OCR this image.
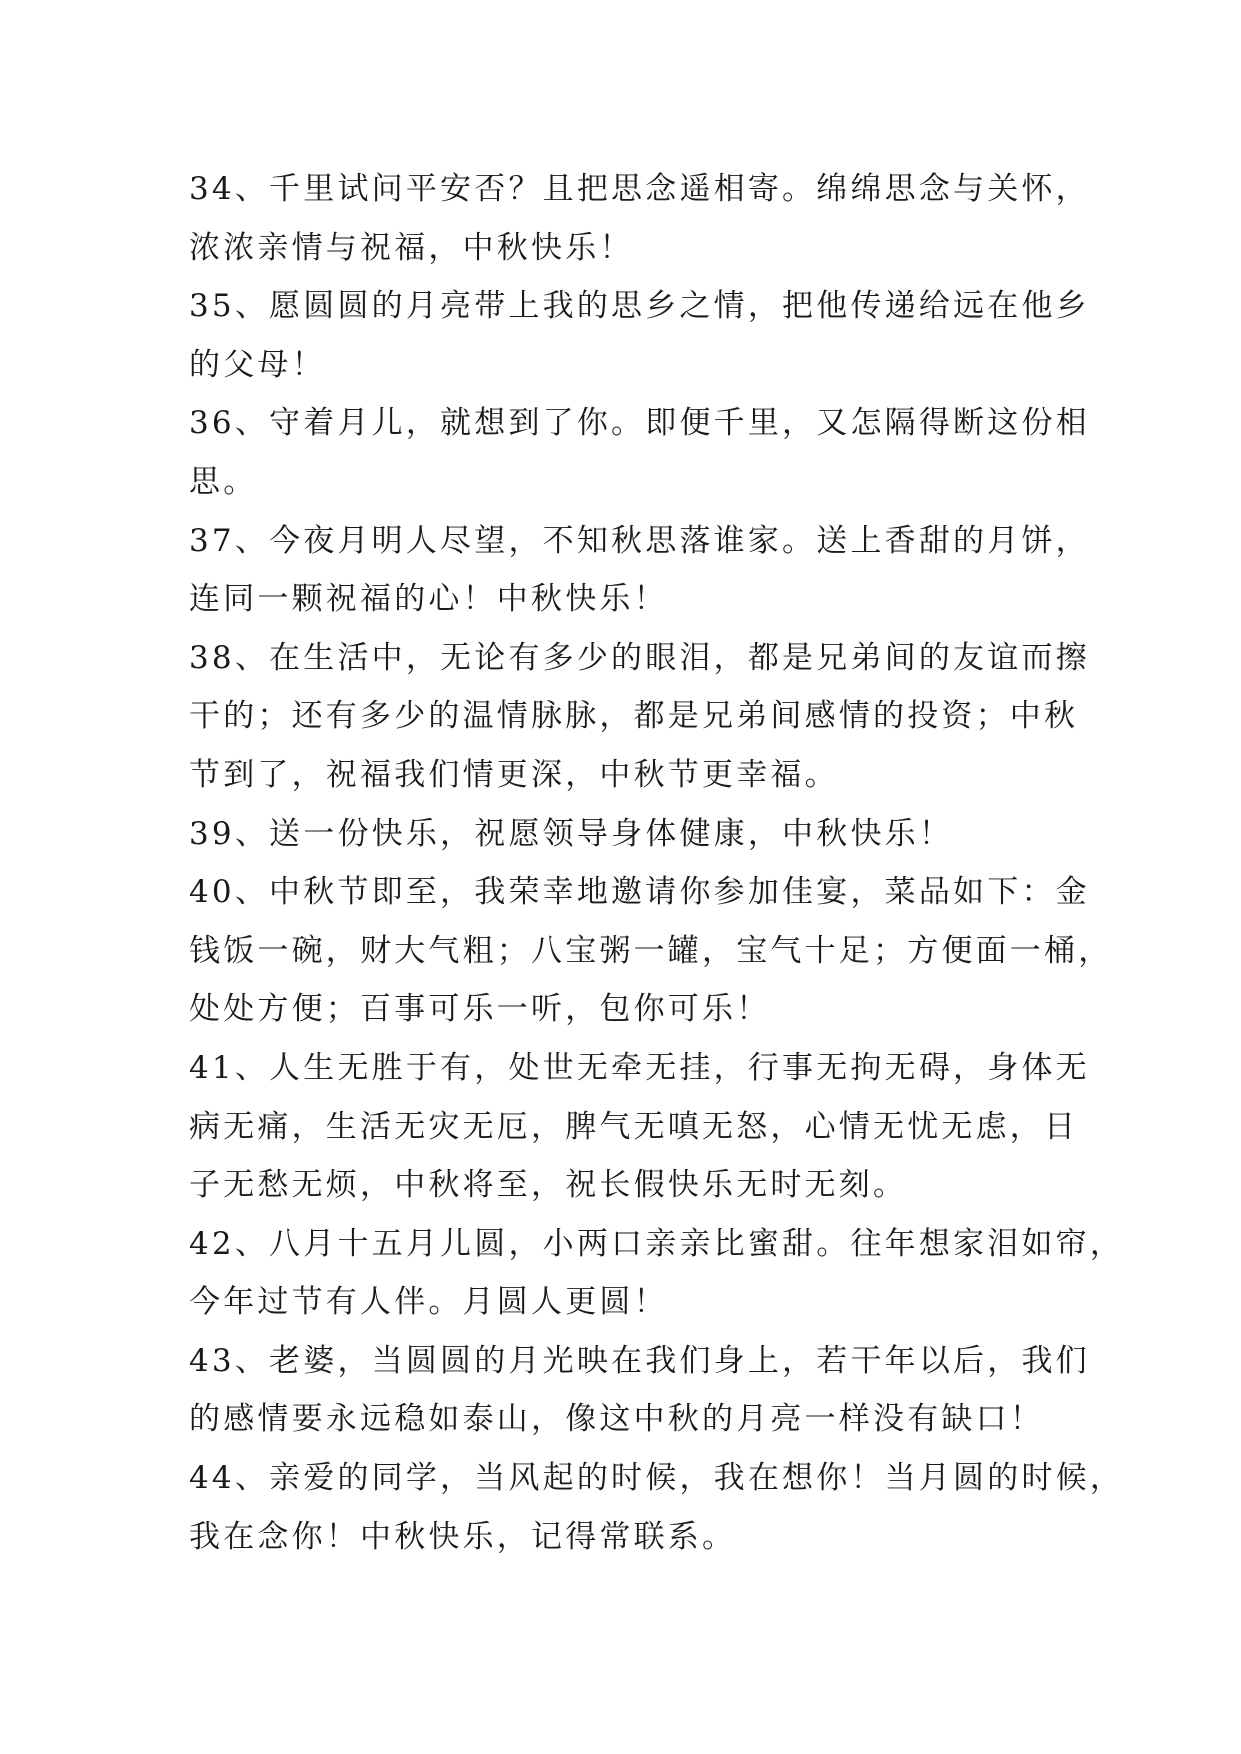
34、千里试问平安否？且把思念遥相寄。绵绵思念与关怀，
浓浓亲情与祝福，中秋快乐！
35、愿圆圆的月亮带上我的思乡之情，把他传递给远在他乡
的父母！
36、守着月儿，就想到了你。即便千里，又怎隔得断这份相
思。
37、今夜月明人尽望，不知秋思落谁家。送上香甜的月饼，
连同一颗祝福的心！中秋快乐！
38、在生活中，无论有多少的眼泪，都是兄弟间的友谊而擦
干的；还有多少的温情脉脉，都是兄弟间感情的投资；中秋
节到了，祝福我们情更深，中秋节更幸福。
39、送一份快乐，祝愿领导身体健康，中秋快乐！
40、中秋节即至，我荣幸地邀请你参加佳宴，菜品如下：金
钱饭一碗，财大气粗；八宝粥一罐，宝气十足；方便面一桶，
处处方便；百事可乐一听，包你可乐！
41、人生无胜于有，处世无牵无挂，行事无拘无碍，身体无
病无痛，生活无灾无厄，脾气无嗔无怒，心情无忧无虑，日
子无愁无烦，中秋将至，祝长假快乐无时无刻。
42、八月十五月儿圆，小两口亲亲比蜜甜。往年想家泪如帘，
今年过节有人伴。月圆人更圆！
43、老婆，当圆圆的月光映在我们身上，若干年以后，我们
的感情要永远稳如泰山，像这中秋的月亮一样没有缺口！
44、亲爱的同学，当风起的时候，我在想你！当月圆的时候，
我在念你！中秋快乐，记得常联系。
